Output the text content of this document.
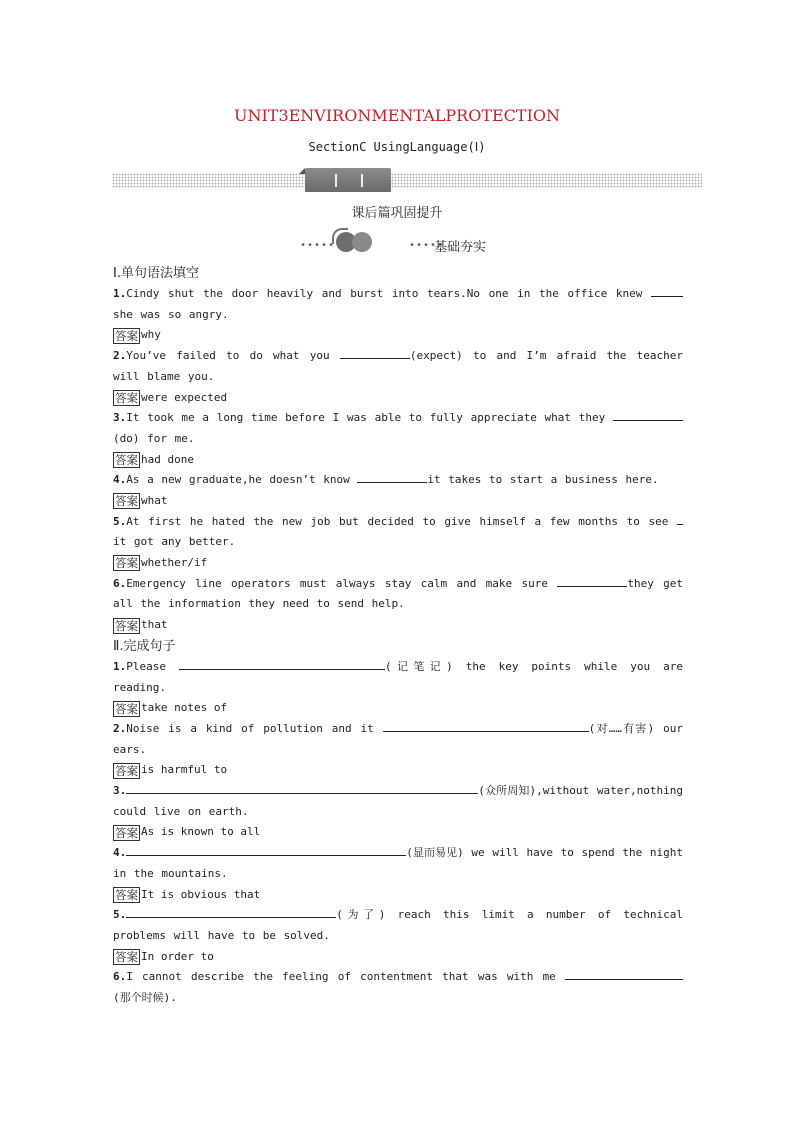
UNIT3ENVIRONMENTALPROTECTION
SectionC UsingLanguage(Ⅰ)
课后篇巩固提升
•••••	•••••
基础夯实
Ⅰ.单句语法填空
1.Cindy shut the door heavily and burst into tears.No one in the office knew  she was so angry.
答案 why
2.You’ve failed to do what you	(expect) to and I’m afraid the teacher will blame you.
答案 were expected
3.It took me a long time before I was able to fully appreciate what they (do) for me.
答案 had done
4.As a new graduate,he doesn’t know	it takes to start a business here.
答案 what
5.At first he hated the new job but decided to give himself a few months to see  it got any better.
答案 whether/if
6.Emergency line operators must always stay calm and make sure	they get all the information they need to send help.
答案 that
Ⅱ.完成句子
1.Please	(记笔记) the key points while you are reading.
答案 take notes of
2.Noise is a kind of pollution and it	(对……有害) our ears.
答案 is harmful to
3.	(众所周知),without water,nothing could live on earth.
答案 As is known to all
4.	(显而易见) we will have to spend the night in the mountains.
答案 It is obvious that
5.	(为了) reach this limit a number of technical problems will have to be solved.
答案 In order to
6.I cannot describe the feeling of contentment that was with me (那个时候).
